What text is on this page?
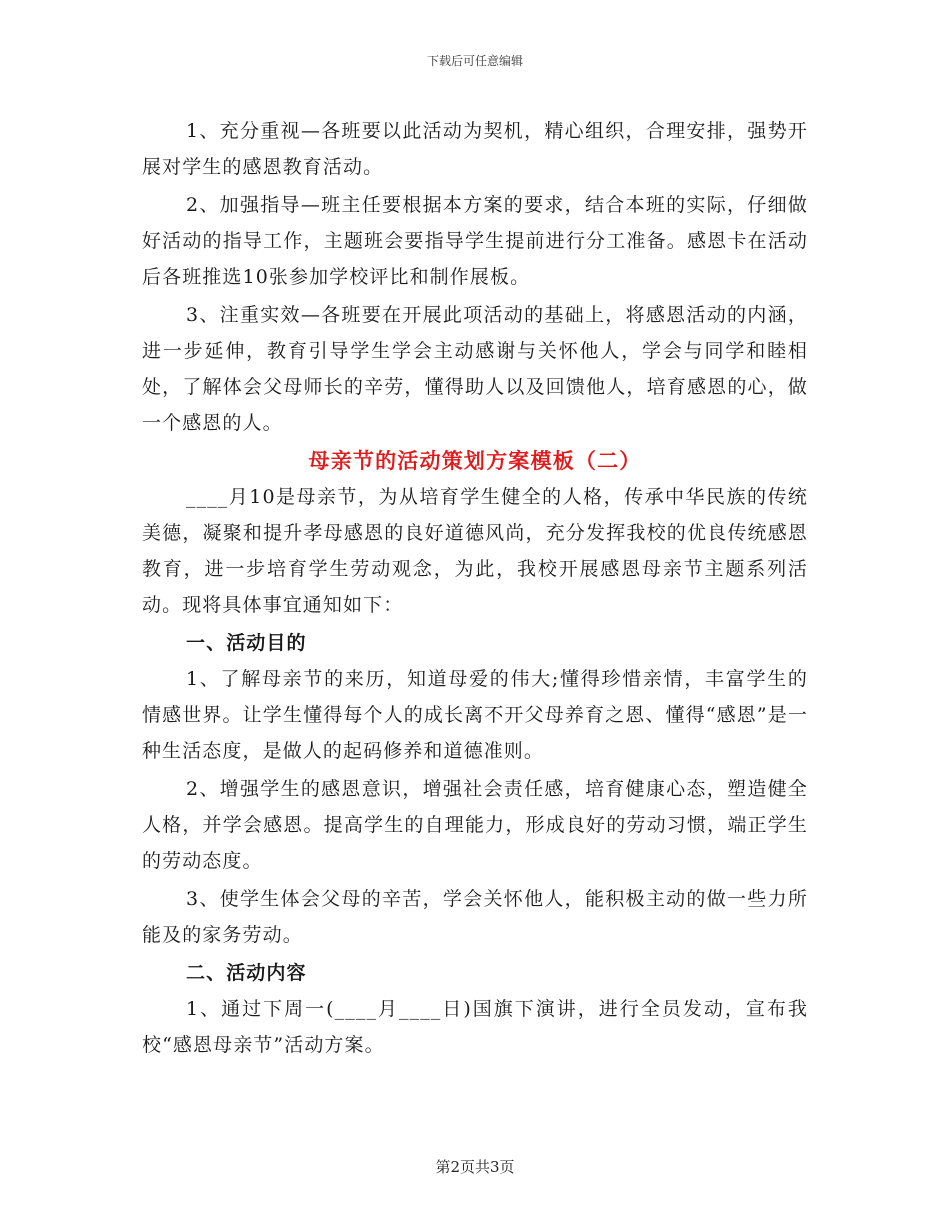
下载后可任意编辑

1、充分重视—各班要以此活动为契机，精心组织，合理安排，强势开展对学生的感恩教育活动。

2、加强指导—班主任要根据本方案的要求，结合本班的实际，仔细做好活动的指导工作，主题班会要指导学生提前进行分工准备。感恩卡在活动后各班推选10张参加学校评比和制作展板。

3、注重实效—各班要在开展此项活动的基础上，将感恩活动的内涵，进一步延伸，教育引导学生学会主动感谢与关怀他人，学会与同学和睦相处，了解体会父母师长的辛劳，懂得助人以及回馈他人，培育感恩的心，做一个感恩的人。

母亲节的活动策划方案模板（二）

____月10是母亲节，为从培育学生健全的人格，传承中华民族的传统美德，凝聚和提升孝母感恩的良好道德风尚，充分发挥我校的优良传统感恩教育，进一步培育学生劳动观念，为此，我校开展感恩母亲节主题系列活动。现将具体事宜通知如下：

一、活动目的

1、了解母亲节的来历，知道母爱的伟大;懂得珍惜亲情，丰富学生的情感世界。让学生懂得每个人的成长离不开父母养育之恩、懂得“感恩”是一种生活态度，是做人的起码修养和道德准则。

2、增强学生的感恩意识，增强社会责任感，培育健康心态，塑造健全人格，并学会感恩。提高学生的自理能力，形成良好的劳动习惯，端正学生的劳动态度。

3、使学生体会父母的辛苦，学会关怀他人，能积极主动的做一些力所能及的家务劳动。

二、活动内容

1、通过下周一(____月____日)国旗下演讲，进行全员发动，宣布我校“感恩母亲节”活动方案。

第2页共3页
